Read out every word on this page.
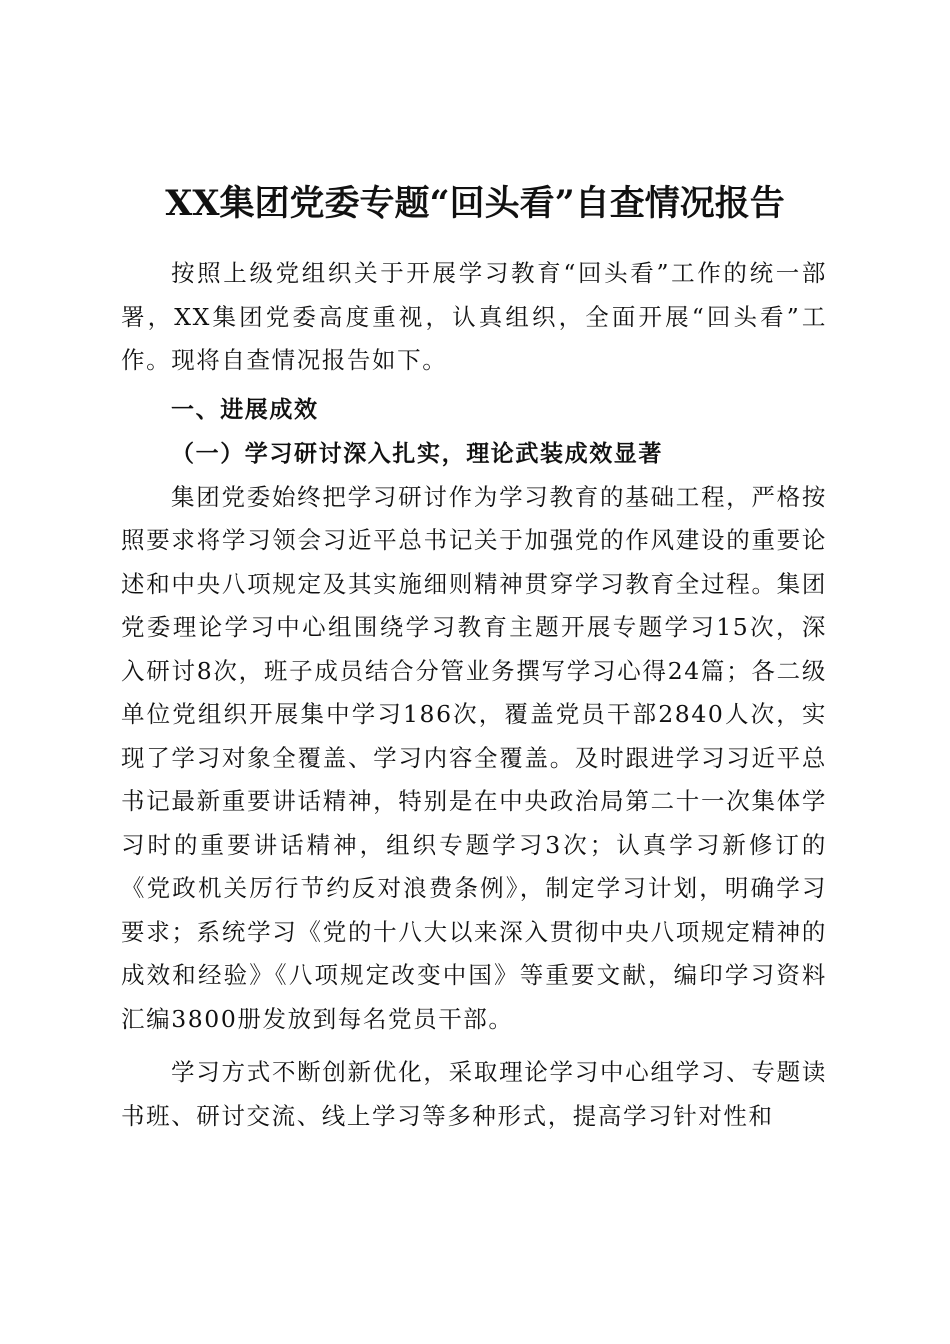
XX集团党委专题“回头看”自查情况报告

按照上级党组织关于开展学习教育“回头看”工作的统一部署，XX集团党委高度重视，认真组织，全面开展“回头看”工作。现将自查情况报告如下。

一、进展成效

（一）学习研讨深入扎实，理论武装成效显著

集团党委始终把学习研讨作为学习教育的基础工程，严格按照要求将学习领会习近平总书记关于加强党的作风建设的重要论述和中央八项规定及其实施细则精神贯穿学习教育全过程。集团党委理论学习中心组围绕学习教育主题开展专题学习15次，深入研讨8次，班子成员结合分管业务撰写学习心得24篇；各二级单位党组织开展集中学习186次，覆盖党员干部2840人次，实现了学习对象全覆盖、学习内容全覆盖。及时跟进学习习近平总书记最新重要讲话精神，特别是在中央政治局第二十一次集体学习时的重要讲话精神，组织专题学习3次；认真学习新修订的《党政机关厉行节约反对浪费条例》，制定学习计划，明确学习要求；系统学习《党的十八大以来深入贯彻中央八项规定精神的成效和经验》《八项规定改变中国》等重要文献，编印学习资料汇编3800册发放到每名党员干部。

学习方式不断创新优化，采取理论学习中心组学习、专题读书班、研讨交流、线上学习等多种形式，提高学习针对性和
